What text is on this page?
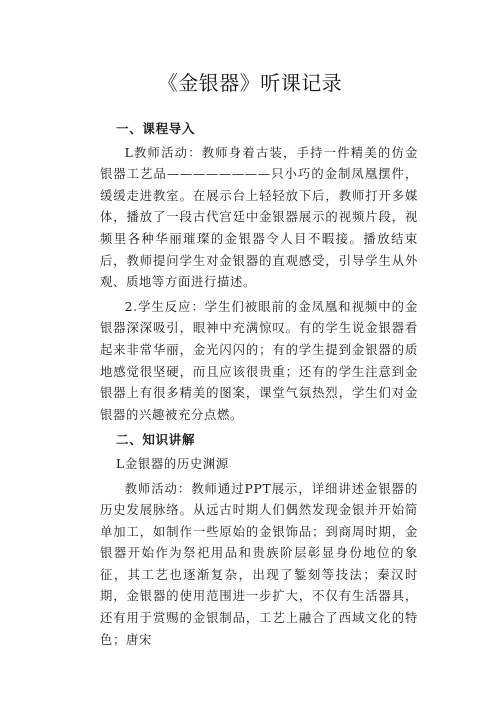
《金银器》听课记录
一、课程导入

L教师活动：教师身着古装，手持一件精美的仿金银器工艺品————————只小巧的金制凤凰摆件，缓缓走进教室。在展示台上轻轻放下后，教师打开多媒体，播放了一段古代宫廷中金银器展示的视频片段，视频里各种华丽璀璨的金银器令人目不暇接。播放结束后，教师提问学生对金银器的直观感受，引导学生从外观、质地等方面进行描述。

2.学生反应：学生们被眼前的金凤凰和视频中的金银器深深吸引，眼神中充满惊叹。有的学生说金银器看起来非常华丽，金光闪闪的；有的学生提到金银器的质地感觉很坚硬，而且应该很贵重；还有的学生注意到金银器上有很多精美的图案，课堂气氛热烈，学生们对金银器的兴趣被充分点燃。

二、知识讲解

L金银器的历史渊源

教师活动：教师通过PPT展示，详细讲述金银器的历史发展脉络。从远古时期人们偶然发现金银并开始简单加工，如制作一些原始的金银饰品；到商周时期，金银器开始作为祭祀用品和贵族阶层彰显身份地位的象征，其工艺也逐渐复杂，出现了錾刻等技法；秦汉时期，金银器的使用范围进一步扩大，不仅有生活器具，还有用于赏赐的金银制品，工艺上融合了西域文化的特色；唐宋
